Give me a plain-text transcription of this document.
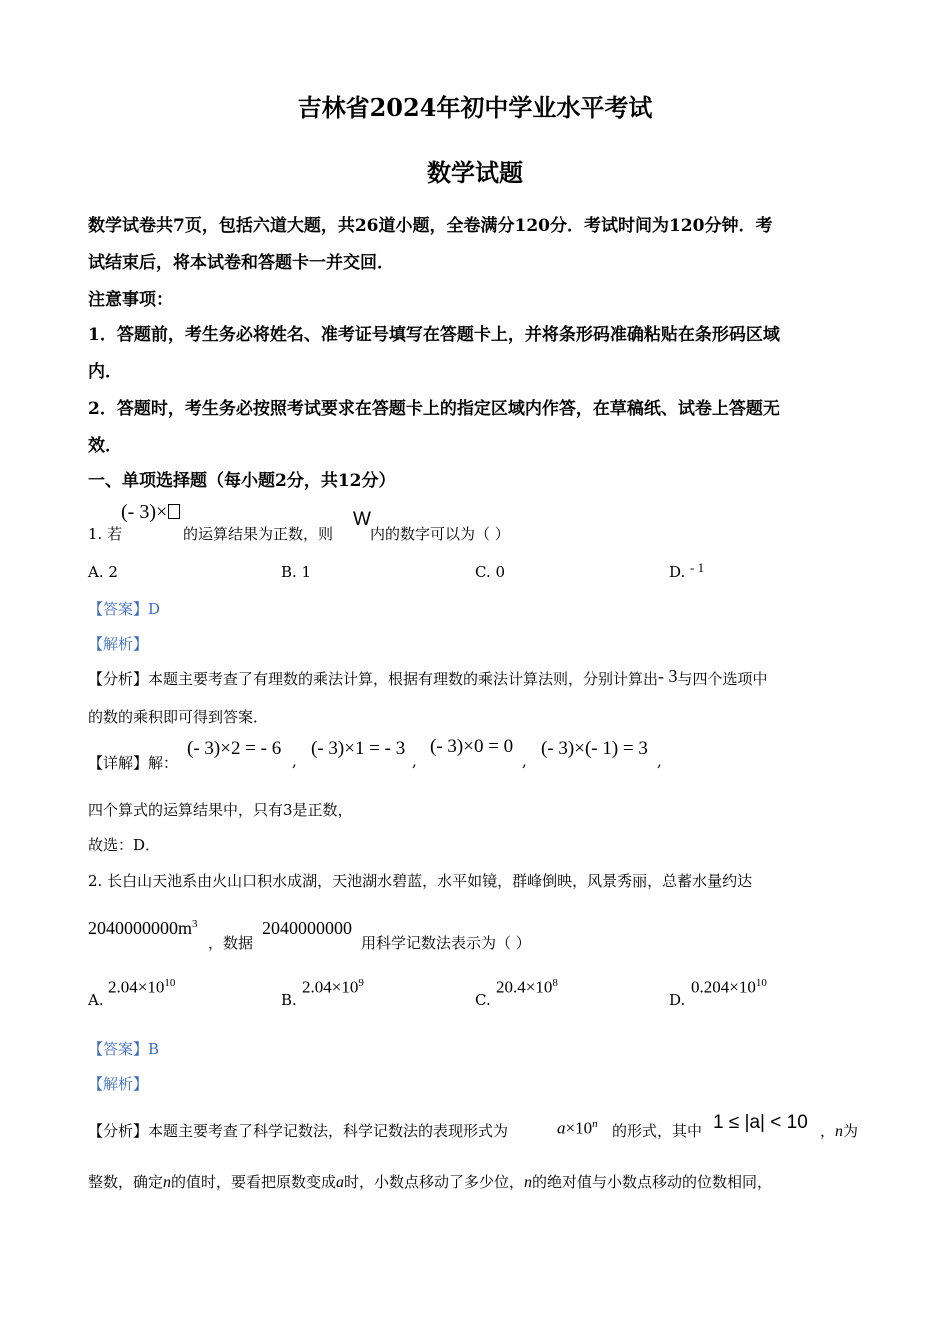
吉林省2024年初中学业水平考试
数学试题
数学试卷共7页，包括六道大题，共26道小题，全卷满分120分．考试时间为120分钟．考
试结束后，将本试卷和答题卡一并交回．
注意事项：
1．答题前，考生务必将姓名、准考证号填写在答题卡上，并将条形码准确粘贴在条形码区域
内．
2．答题时，考生务必按照考试要求在答题卡上的指定区域内作答，在草稿纸、试卷上答题无
效．
一、单项选择题（每小题2分，共12分）
(- 3)×
1. 若	的运算结果为正数，则
W
内的数字可以为（ ）
A. 2	B. 1	C. 0	D. - 1
【答案】D
【解析】
【分析】本题主要考查了有理数的乘法计算，根据有理数的乘法计算法则，分别计算出- 3与四个选项中
的数的乘积即可得到答案．
【详解】解：
(- 3)×2 = - 6
,
(- 3)×1 = - 3
,
(- 3)×0 = 0
,
(- 3)×(- 1) = 3
,
四个算式的运算结果中，只有3是正数，
故选：D．
2. 长白山天池系由火山口积水成湖，天池湖水碧蓝，水平如镜，群峰倒映，风景秀丽，总蓄水量约达
$2040000000m^3$
，数据
2040000000
用科学记数法表示为（ ）
A.
$2.04\times 10^{10}$
B.
$2.04\times 10^9$
C.
$20.4\times 10^8$
D.
$0.204\times 10^{10}$
【答案】B
【解析】
【分析】本题主要考查了科学记数法，科学记数法的表现形式为	$a\times 10^n$ 的形式，其中 1 ≤ |a| < 10 ，n为
整数，确定n的值时，要看把原数变成a时，小数点移动了多少位，n的绝对值与小数点移动的位数相同，
